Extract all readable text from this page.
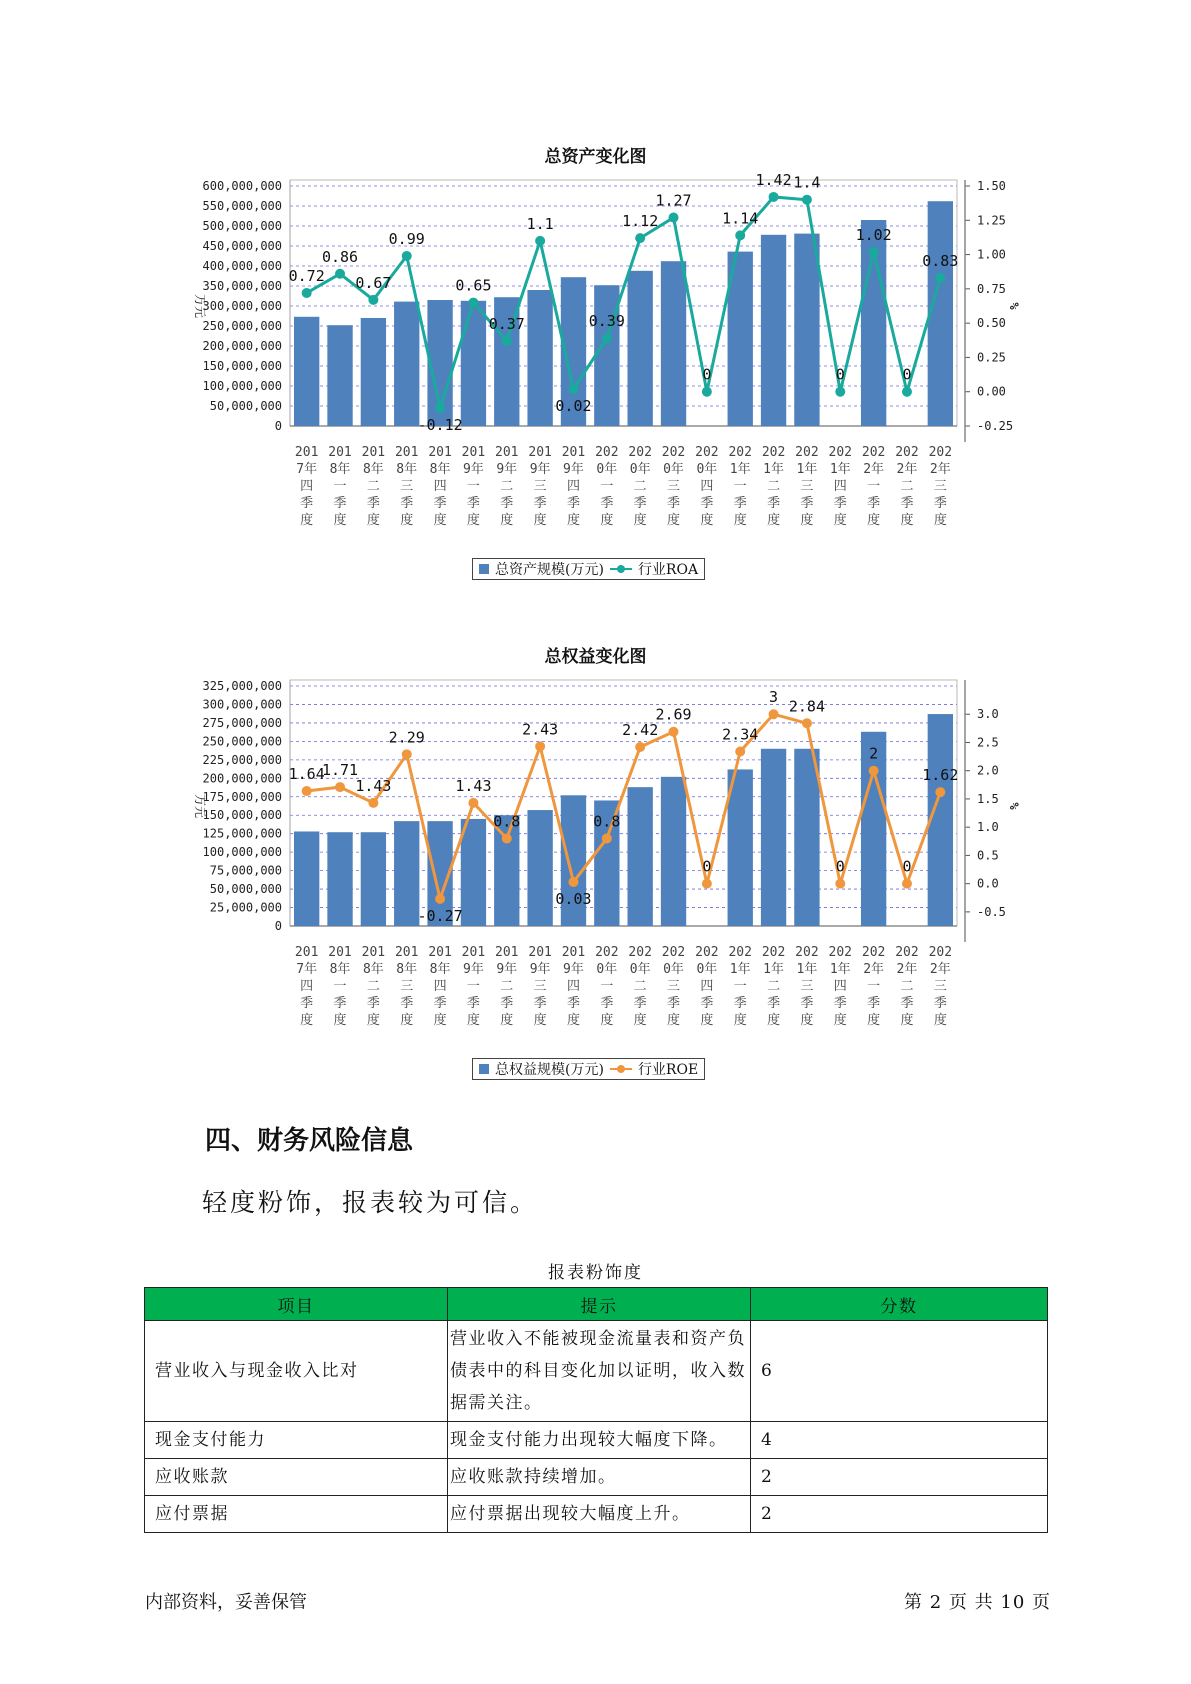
总资产变化图
600,000,000
550,000,000
500,000,000
450,000,000
400,000,000
350,000,000
300,000,000
250,000,000
200,000,000
150,000,000
100,000,000
50,000,000
0
1.50
1.25
1.00
0.75
0.50
0.25
0.00
-0.25
万元	%
201
7年
四
季
度
201
8年
一
季
度
201
8年
二
季
度
201
8年
三
季
度
201
8年
四
季
度
201
9年
一
季
度
201
9年
二
季
度
201
9年
三
季
度
201
9年
四
季
度
202
0年
一
季
度
202
0年
二
季
度
202
0年
三
季
度
202
0年
四
季
度
202
1年
一
季
度
202
1年
二
季
度
202
1年
三
季
度
202
1年
四
季
度
202
2年
一
季
度
202
2年
二
季
度
202
2年
三
季
度
0.72
0.86
0.67
0.99
-0.12
0.65
0.37
1.1
0.02
0.39
1.12
1.27
0
1.14
1.42 1.4
0
1.02
0
0.83
总资产规模(万元) 行业ROA
总权益变化图
325,000,000
300,000,000
275,000,000
250,000,000
225,000,000
200,000,000
175,000,000
150,000,000
125,000,000
100,000,000
75,000,000
50,000,000
25,000,000
0
3.0
2.5
2.0
1.5
1.0
0.5
0.0
-0.5
万元	%
201
7年
四
季
度
201
8年
一
季
度
201
8年
二
季
度
201
8年
三
季
度
201
8年
四
季
度
201
9年
一
季
度
201
9年
二
季
度
201
9年
三
季
度
201
9年
四
季
度
202
0年
一
季
度
202
0年
二
季
度
202
0年
三
季
度
202
0年
四
季
度
202
1年
一
季
度
202
1年
二
季
度
202
1年
三
季
度
202
1年
四
季
度
202
2年
一
季
度
202
2年
二
季
度
202
2年
三
季
度
1.64
1.71
1.43
2.29
-0.27
1.43
0.8
2.43
0.03
0.8
2.42
2.69
0
2.34
3
2.84
0
2
0
1.62
总权益规模(万元) 行业ROE
四、财务风险信息
轻度粉饰，报表较为可信。
报表粉饰度
项目	提示	分数
营业收入与现金收入比对	营业收入不能被现金流量表和资产负债表中的科目变化加以证明，收入数据需关注。	6
现金支付能力	现金支付能力出现较大幅度下降。	4
应收账款	应收账款持续增加。	2
应付票据	应付票据出现较大幅度上升。	2
内部资料，妥善保管	第 2 页 共 10 页
